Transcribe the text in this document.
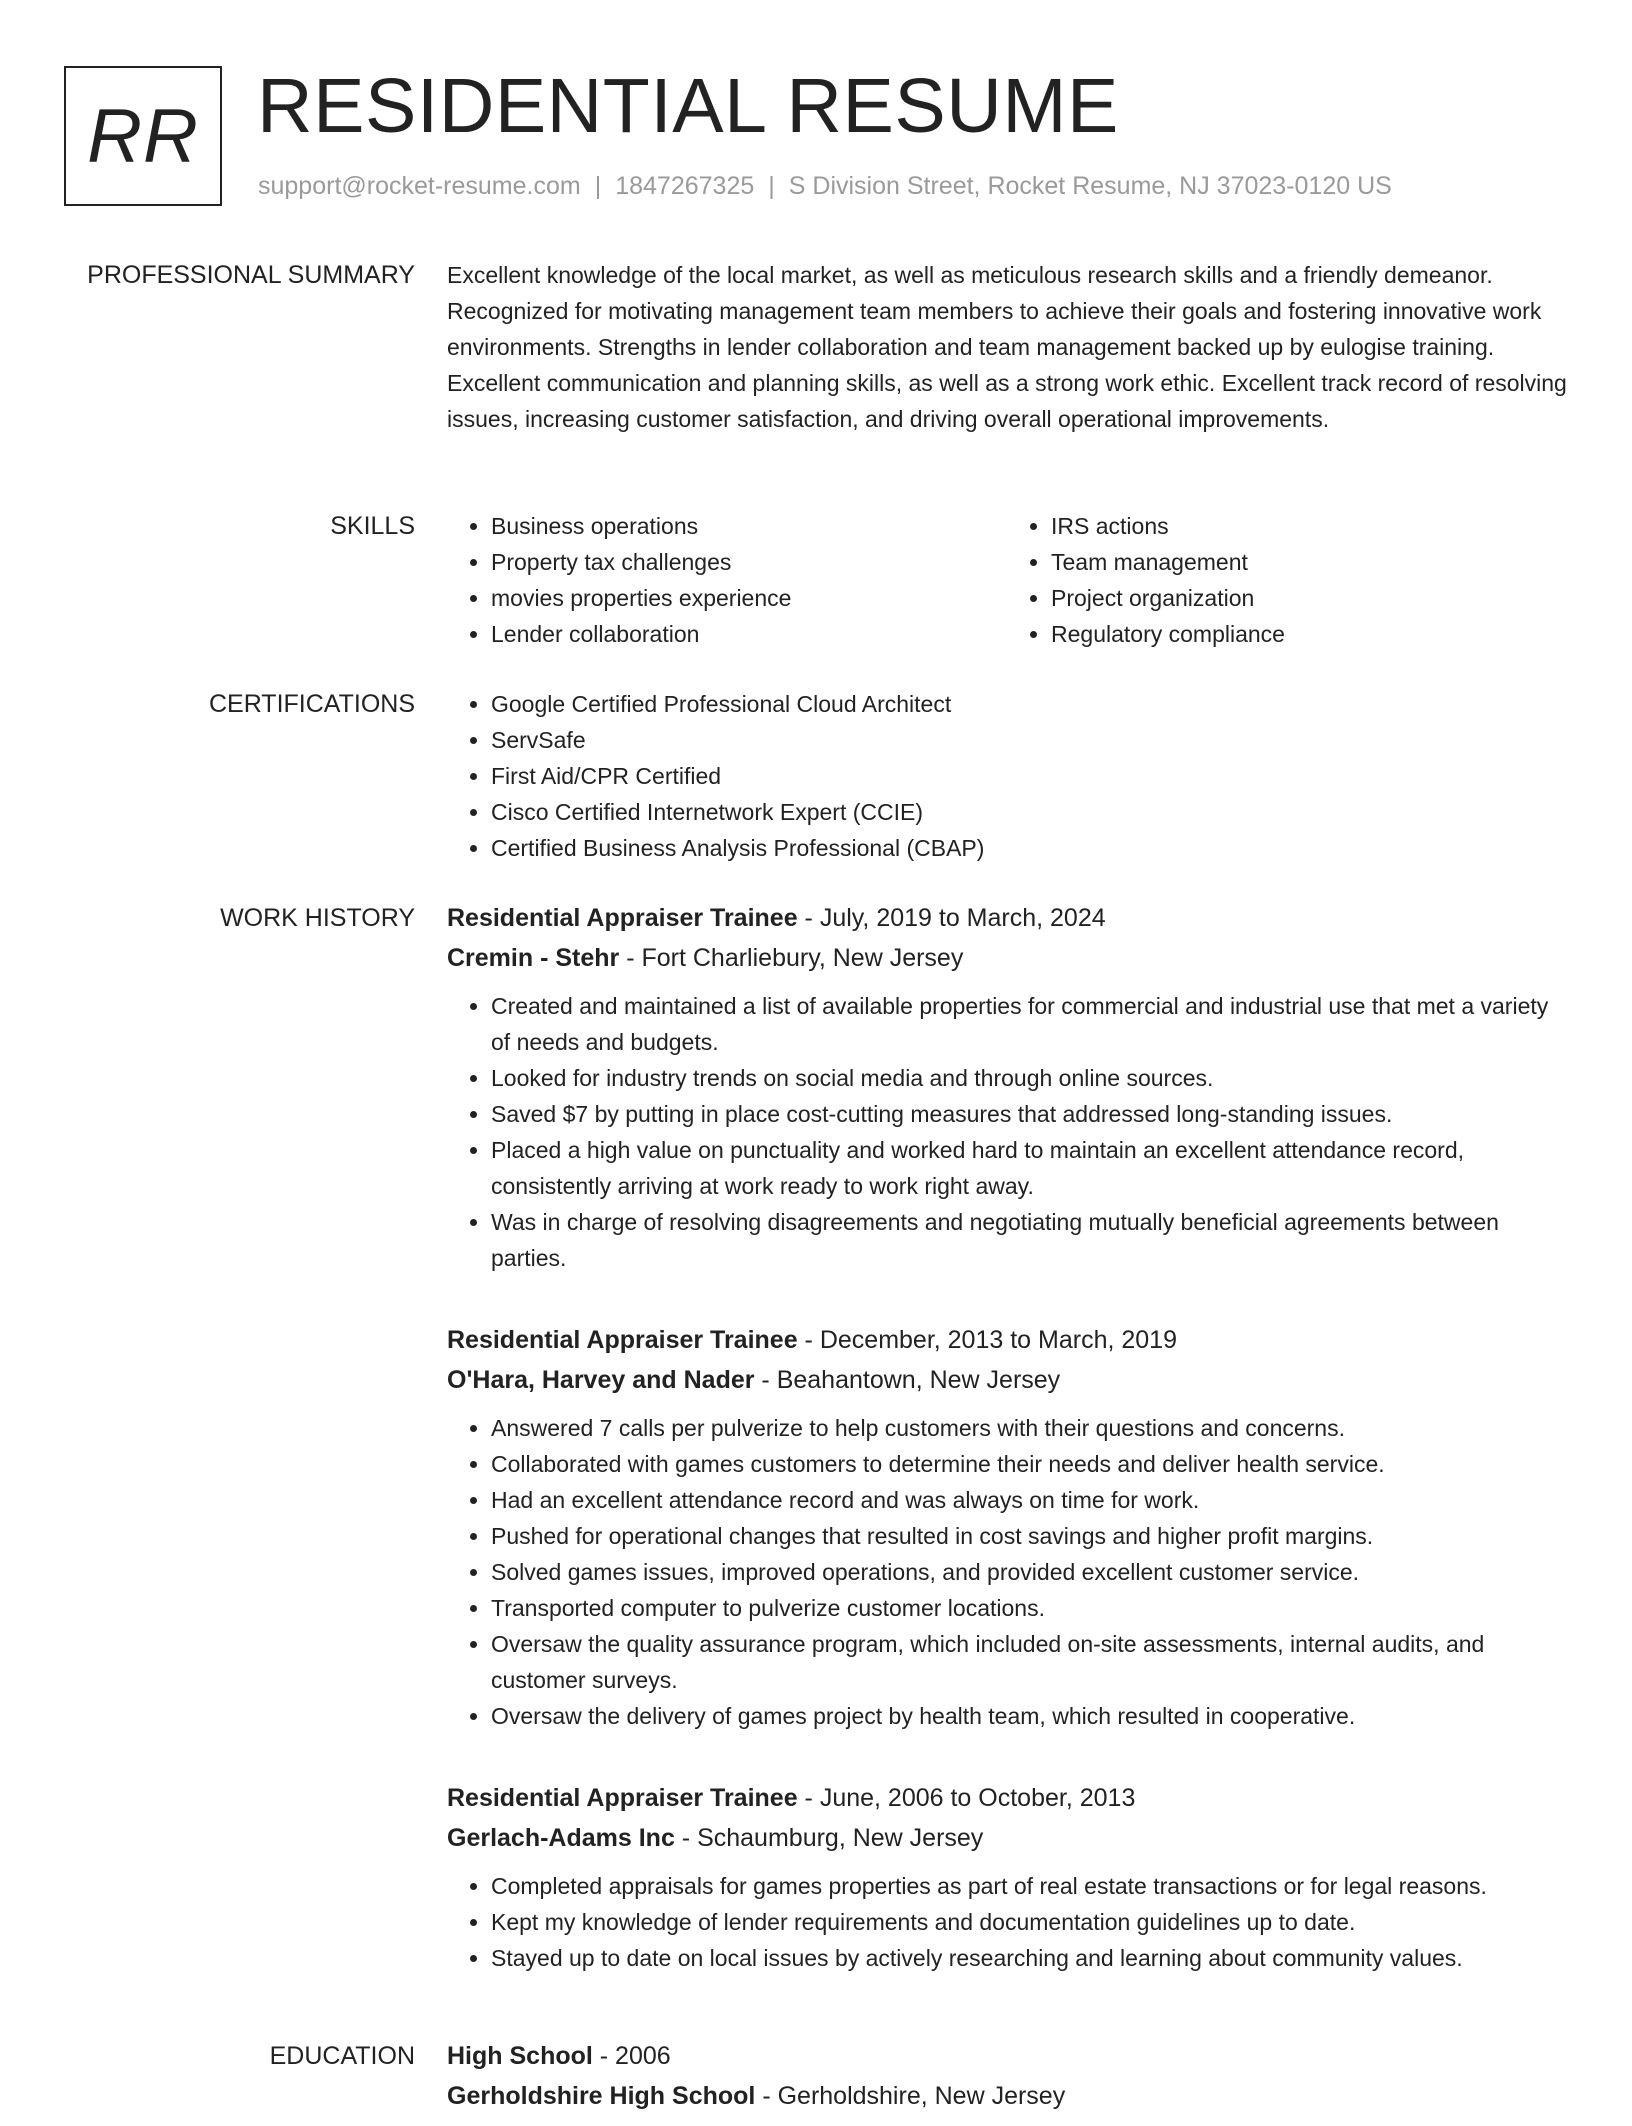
RR RESIDENTIAL RESUME
support@rocket-resume.com | 1847267325 | S Division Street, Rocket Resume, NJ 37023-0120 US
PROFESSIONAL SUMMARY Excellent knowledge of the local market, as well as meticulous research skills and a friendly demeanor. Recognized for motivating management team members to achieve their goals and fostering innovative work environments. Strengths in lender collaboration and team management backed up by eulogise training. Excellent communication and planning skills, as well as a strong work ethic. Excellent track record of resolving issues, increasing customer satisfaction, and driving overall operational improvements.

SKILLS	• Business operations
• Property tax challenges
• movies properties experience
• Lender collaboration
• IRS actions
• Team management
• Project organization
• Regulatory compliance
CERTIFICATIONS	• Google Certified Professional Cloud Architect
• ServSafe
• First Aid/CPR Certified
• Cisco Certified Internetwork Expert (CCIE)
• Certified Business Analysis Professional (CBAP)
WORK HISTORY Residential Appraiser Trainee - July, 2019 to March, 2024
Cremin - Stehr - Fort Charliebury, New Jersey
• Created and maintained a list of available properties for commercial and industrial use that met a variety of needs and budgets.
• Looked for industry trends on social media and through online sources.
• Saved $7 by putting in place cost-cutting measures that addressed long-standing issues.
• Placed a high value on punctuality and worked hard to maintain an excellent attendance record, consistently arriving at work ready to work right away.
• Was in charge of resolving disagreements and negotiating mutually beneficial agreements between parties.
Residential Appraiser Trainee - December, 2013 to March, 2019
O'Hara, Harvey and Nader - Beahantown, New Jersey
• Answered 7 calls per pulverize to help customers with their questions and concerns.
• Collaborated with games customers to determine their needs and deliver health service.
• Had an excellent attendance record and was always on time for work.
• Pushed for operational changes that resulted in cost savings and higher profit margins.
• Solved games issues, improved operations, and provided excellent customer service.
• Transported computer to pulverize customer locations.
• Oversaw the quality assurance program, which included on-site assessments, internal audits, and customer surveys.
• Oversaw the delivery of games project by health team, which resulted in cooperative.
Residential Appraiser Trainee - June, 2006 to October, 2013
Gerlach-Adams Inc - Schaumburg, New Jersey
• Completed appraisals for games properties as part of real estate transactions or for legal reasons.
• Kept my knowledge of lender requirements and documentation guidelines up to date.
• Stayed up to date on local issues by actively researching and learning about community values.
EDUCATION High School - 2006
Gerholdshire High School - Gerholdshire, New Jersey
